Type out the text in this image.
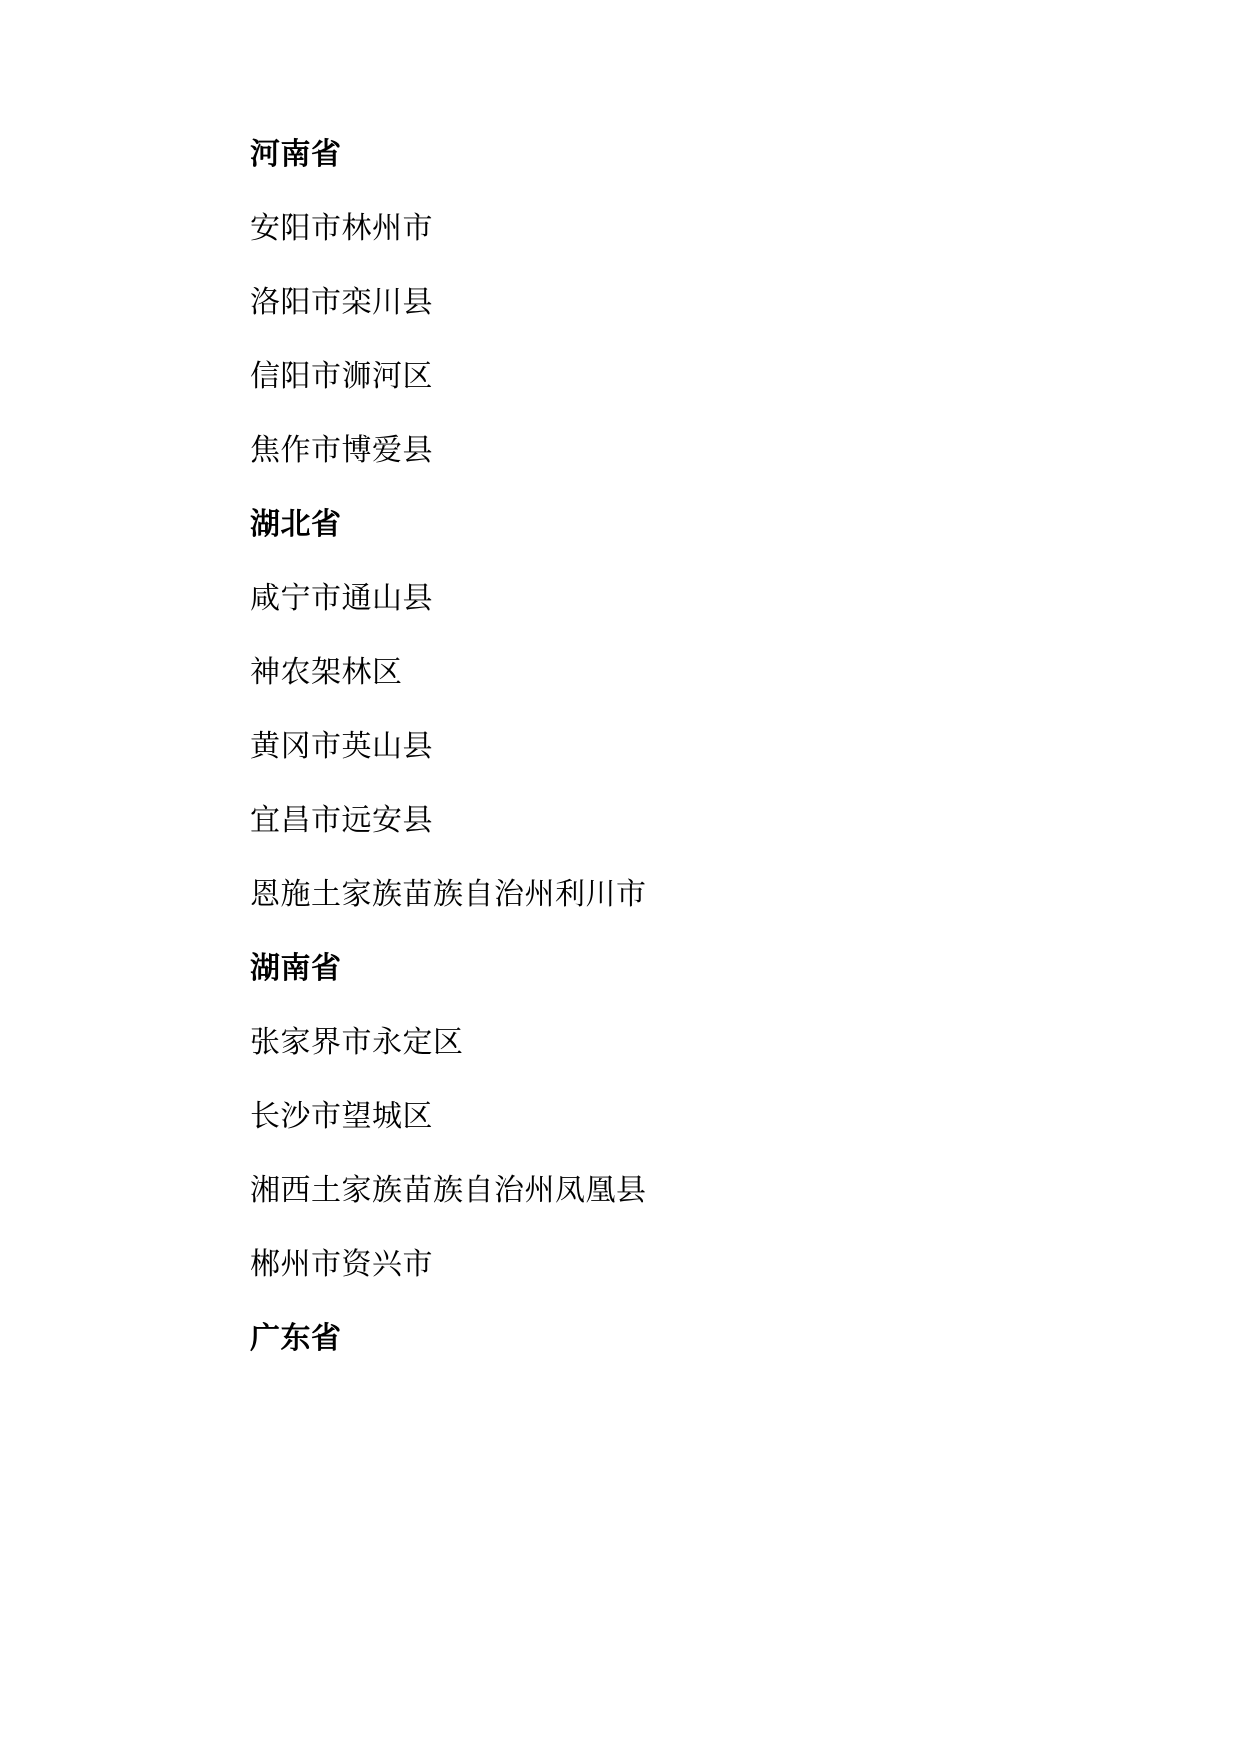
河南省
安阳市林州市
洛阳市栾川县
信阳市浉河区
焦作市博爱县
湖北省
咸宁市通山县
神农架林区
黄冈市英山县
宜昌市远安县
恩施土家族苗族自治州利川市
湖南省
张家界市永定区
长沙市望城区
湘西土家族苗族自治州凤凰县
郴州市资兴市
广东省
